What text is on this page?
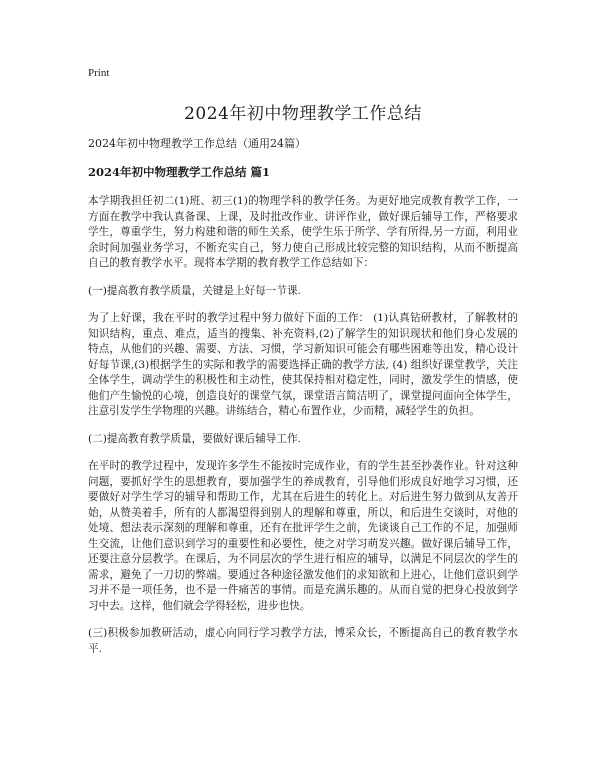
Print

2024年初中物理教学工作总结

2024年初中物理教学工作总结（通用24篇）

2024年初中物理教学工作总结 篇1

本学期我担任初二(1)班、初三(1)的物理学科的教学任务。为更好地完成教育教学工作，一方面在教学中我认真备课、上课，及时批改作业、讲评作业，做好课后辅导工作，严格要求学生，尊重学生，努力构建和谐的师生关系，使学生乐于所学、学有所得,另一方面，利用业余时间加强业务学习，不断充实自己，努力使自己形成比较完整的知识结构，从而不断提高自己的教育教学水平。现将本学期的教育教学工作总结如下：

(一)提高教育教学质量，关键是上好每一节课.

为了上好课，我在平时的教学过程中努力做好下面的工作： (1)认真钻研教材，了解教材的知识结构，重点、难点，适当的搜集、补充资料,(2)了解学生的知识现状和他们身心发展的特点，从他们的兴趣、需要、方法、习惯，学习新知识可能会有哪些困难等出发，精心设计好每节课,(3)根据学生的实际和教学的需要选择正确的教学方法, (4) 组织好课堂教学，关注全体学生，调动学生的积极性和主动性，使其保持相对稳定性，同时，激发学生的情感，使他们产生愉悦的心境，创造良好的课堂气氛，课堂语言简洁明了，课堂提问面向全体学生，注意引发学生学物理的兴趣。讲练结合，精心布置作业，少而精，减轻学生的负担。

(二)提高教育教学质量，要做好课后辅导工作.

在平时的教学过程中，发现许多学生不能按时完成作业，有的学生甚至抄袭作业。针对这种问题，要抓好学生的思想教育，要加强学生的养成教育，引导他们形成良好地学习习惯，还要做好对学生学习的辅导和帮助工作，尤其在后进生的转化上。对后进生努力做到从友善开始，从赞美着手，所有的人都渴望得到别人的理解和尊重，所以，和后进生交谈时，对他的处境、想法表示深刻的理解和尊重，还有在批评学生之前，先谈谈自己工作的不足，加强师生交流，让他们意识到学习的重要性和必要性，使之对学习萌发兴趣。做好课后辅导工作，还要注意分层教学。在课后，为不同层次的学生进行相应的辅导，以满足不同层次的学生的需求，避免了一刀切的弊端。要通过各种途径激发他们的求知欲和上进心，让他们意识到学习并不是一项任务，也不是一件痛苦的事情。而是充满乐趣的。从而自觉的把身心投放到学习中去。这样，他们就会学得轻松，进步也快。

(三)积极参加教研活动，虚心向同行学习教学方法，博采众长，不断提高自己的教育教学水平.
